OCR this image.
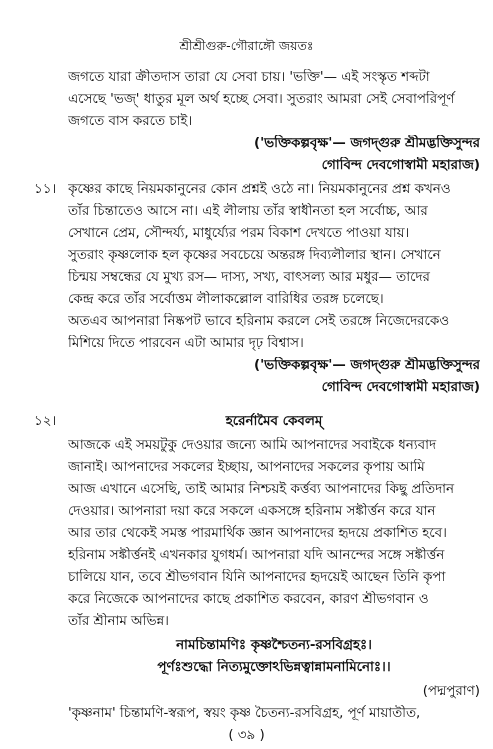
শ্রীশ্রীগুরু-গৌরাঙ্গৌ জয়তঃ
জগতে যারা ক্রীতদাস তারা যে সেবা চায়। 'ভক্তি'— এই সংস্কৃত শব্দটা
এসেছে 'ভজ্' ধাতুর মূল অর্থ হচ্ছে সেবা। সুতরাং আমরা সেই সেবাপরিপূর্ণ
জগতে বাস করতে চাই।
('ভক্তিকল্পবৃক্ষ'— জগদ্গুরু শ্রীমদ্ভক্তিসুন্দর
গোবিন্দ দেবগোস্বামী মহারাজ)
১১। কৃষ্ণের কাছে নিয়মকানুনের কোন প্রশ্নই ওঠে না। নিয়মকানুনের প্রশ্ন কখনও
তাঁর চিন্তাতেও আসে না। এই লীলায় তাঁর স্বাধীনতা হল সর্বোচ্চ, আর
সেখানে প্রেম, সৌন্দর্য্য, মাধুর্য্যের পরম বিকাশ দেখতে পাওয়া যায়।
সুতরাং কৃষ্ণলোক হল কৃষ্ণের সবচেয়ে অন্তরঙ্গ দিব্যলীলার স্থান। সেখানে
চিন্ময় সম্বন্ধের যে মুখ্য রস— দাস্য, সখ্য, বাৎসল্য আর মধুর— তাদের
কেন্দ্র করে তাঁর সর্বোত্তম লীলাকল্লোল বারিধির তরঙ্গ চলেছে।
অতএব আপনারা নিষ্কপট ভাবে হরিনাম করলে সেই তরঙ্গে নিজেদেরকেও
মিশিয়ে দিতে পারবেন এটা আমার দৃঢ় বিশ্বাস।
('ভক্তিকল্পবৃক্ষ'— জগদ্গুরু শ্রীমদ্ভক্তিসুন্দর
গোবিন্দ দেবগোস্বামী মহারাজ)
১২।	হরের্নামৈব কেবলম্
আজকে এই সময়টুকু দেওয়ার জন্যে আমি আপনাদের সবাইকে ধন্যবাদ
জানাই। আপনাদের সকলের ইচ্ছায়, আপনাদের সকলের কৃপায় আমি
আজ এখানে এসেছি, তাই আমার নিশ্চয়ই কর্ত্তব্য আপনাদের কিছু প্রতিদান
দেওয়ার। আপনারা দয়া করে সকলে একসঙ্গে হরিনাম সঙ্কীর্ত্তন করে যান
আর তার থেকেই সমস্ত পারমার্থিক জ্ঞান আপনাদের হৃদয়ে প্রকাশিত হবে।
হরিনাম সঙ্কীর্ত্তনই এখনকার যুগধর্ম। আপনারা যদি আনন্দের সঙ্গে সঙ্কীর্ত্তন
চালিয়ে যান, তবে শ্রীভগবান যিনি আপনাদের হৃদয়েই আছেন তিনি কৃপা
করে নিজেকে আপনাদের কাছে প্রকাশিত করবেন, কারণ শ্রীভগবান ও
তাঁর শ্রীনাম অভিন্ন।
নামচিন্তামণিঃ কৃষ্ণশ্চৈতন্য-রসবিগ্রহঃ।
পূর্ণঃশুদ্ধো নিত্যমুক্তোঽভিন্নত্বান্নামনামিনোঃ।।
(পদ্মপুরাণ)
'কৃষ্ণনাম' চিন্তামণি-স্বরূপ, স্বয়ং কৃষ্ণ চৈতন্য-রসবিগ্রহ, পূর্ণ মায়াতীত,
( ৩৯ )
